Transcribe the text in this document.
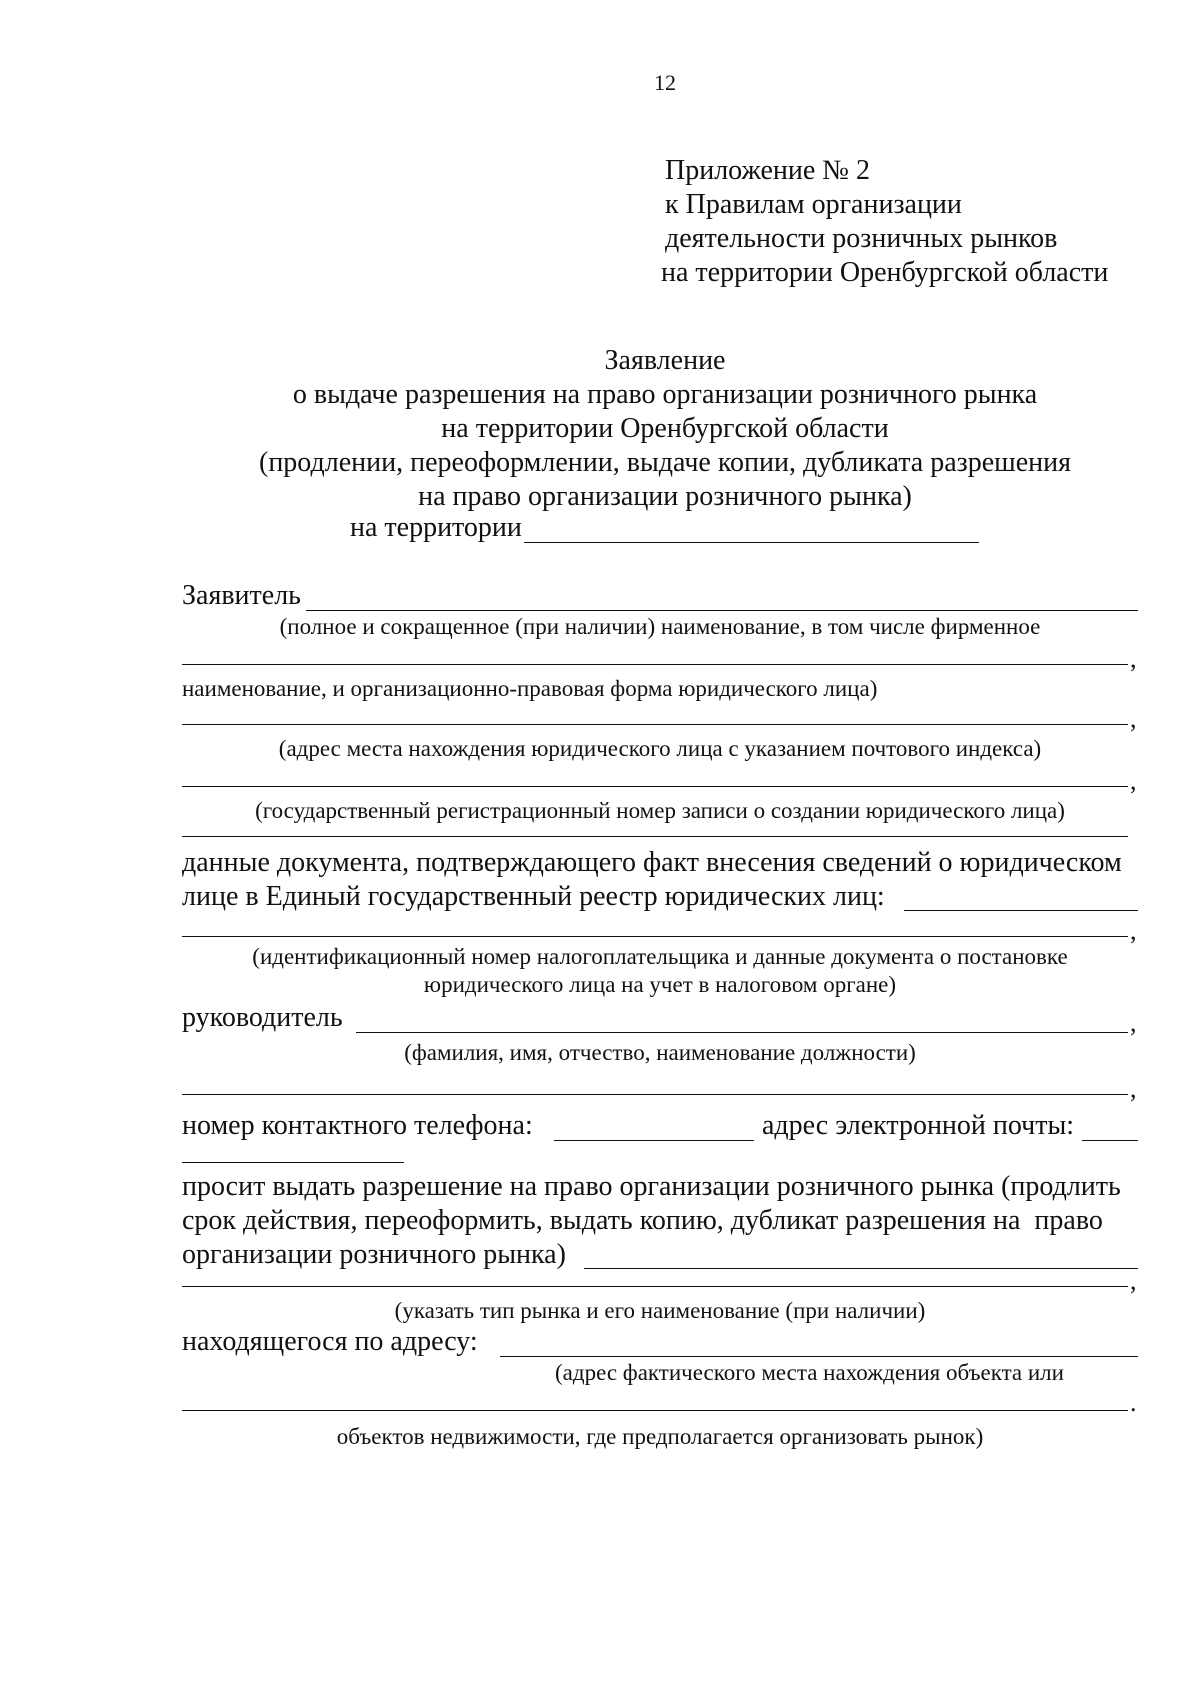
12
Приложение № 2
к Правилам организации
деятельности розничных рынков
на территории Оренбургской области
Заявление
о выдаче разрешения на право организации розничного рынка
на территории Оренбургской области
(продлении, переоформлении, выдаче копии, дубликата разрешения
на право организации розничного рынка)
на территории
Заявитель
(полное и сокращенное (при наличии) наименование, в том числе фирменное
,
наименование, и организационно-правовая форма юридического лица)
,
(адрес места нахождения юридического лица с указанием почтового индекса)
,
(государственный регистрационный номер записи о создании юридического лица)
данные документа, подтверждающего факт внесения сведений о юридическом
лице в Единый государственный реестр юридических лиц:
,
(идентификационный номер налогоплательщика и данные документа о постановке
юридического лица на учет в налоговом органе)
руководитель	,
(фамилия, имя, отчество, наименование должности)
,
номер контактного телефона:	адрес электронной почты:
просит выдать разрешение на право организации розничного рынка (продлить
срок действия, переоформить, выдать копию, дубликат разрешения на  право
организации розничного рынка)
,
(указать тип рынка и его наименование (при наличии)
находящегося по адресу:
(адрес фактического места нахождения объекта или
.
объектов недвижимости, где предполагается организовать рынок)
